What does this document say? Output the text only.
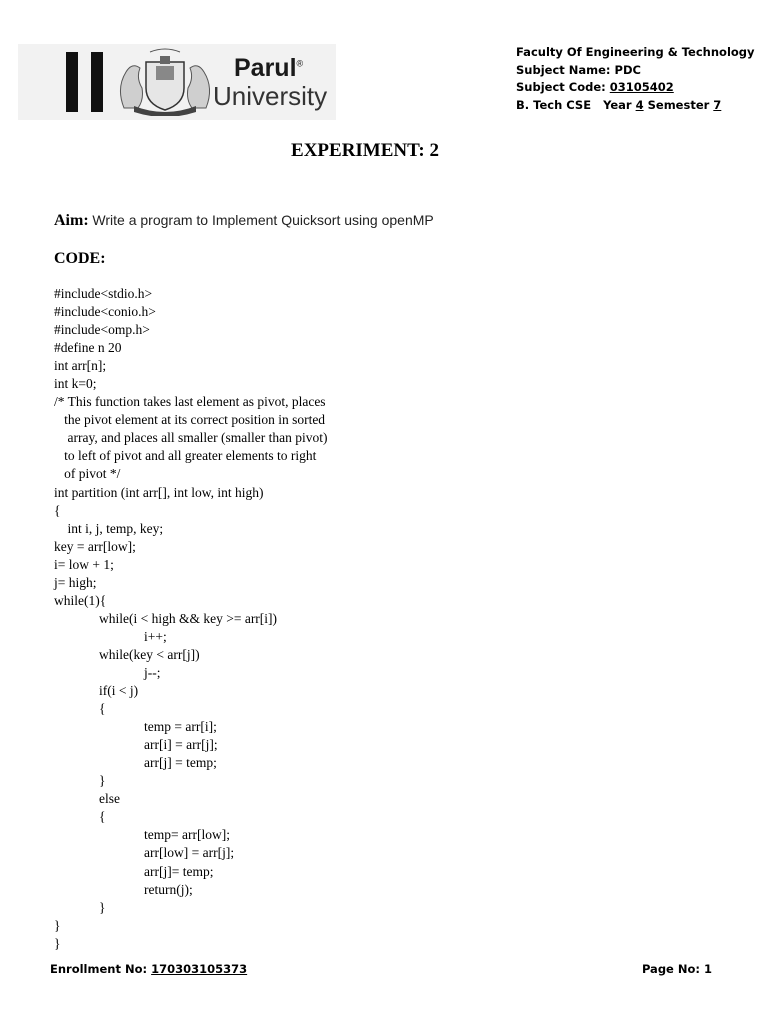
Parul®
University
Faculty Of Engineering & Technology
Subject Name: PDC
Subject Code: 03105402
B. Tech CSE Year 4 Semester 7
EXPERIMENT: 2
Aim: Write a program to Implement Quicksort using openMP
CODE:
#include<stdio.h>
#include<conio.h>
#include<omp.h>
#define n 20
int arr[n];
int k=0;
/* This function takes last element as pivot, places
the pivot element at its correct position in sorted
array, and places all smaller (smaller than pivot)
to left of pivot and all greater elements to right
of pivot */
int partition (int arr[], int low, int high)
{
int i, j, temp, key;
key = arr[low];
i= low + 1;
j= high;
while(1){
	while(i < high && key >= arr[i])
		i++;
	while(key < arr[j])
		j--;
	if(i < j)
	{
		temp = arr[i];
		arr[i] = arr[j];
		arr[j] = temp;
	}
	else
	{
		temp= arr[low];
		arr[low] = arr[j];
		arr[j]= temp;
		return(j);
	}
}
}
Enrollment No: 170303105373	Page No: 1
